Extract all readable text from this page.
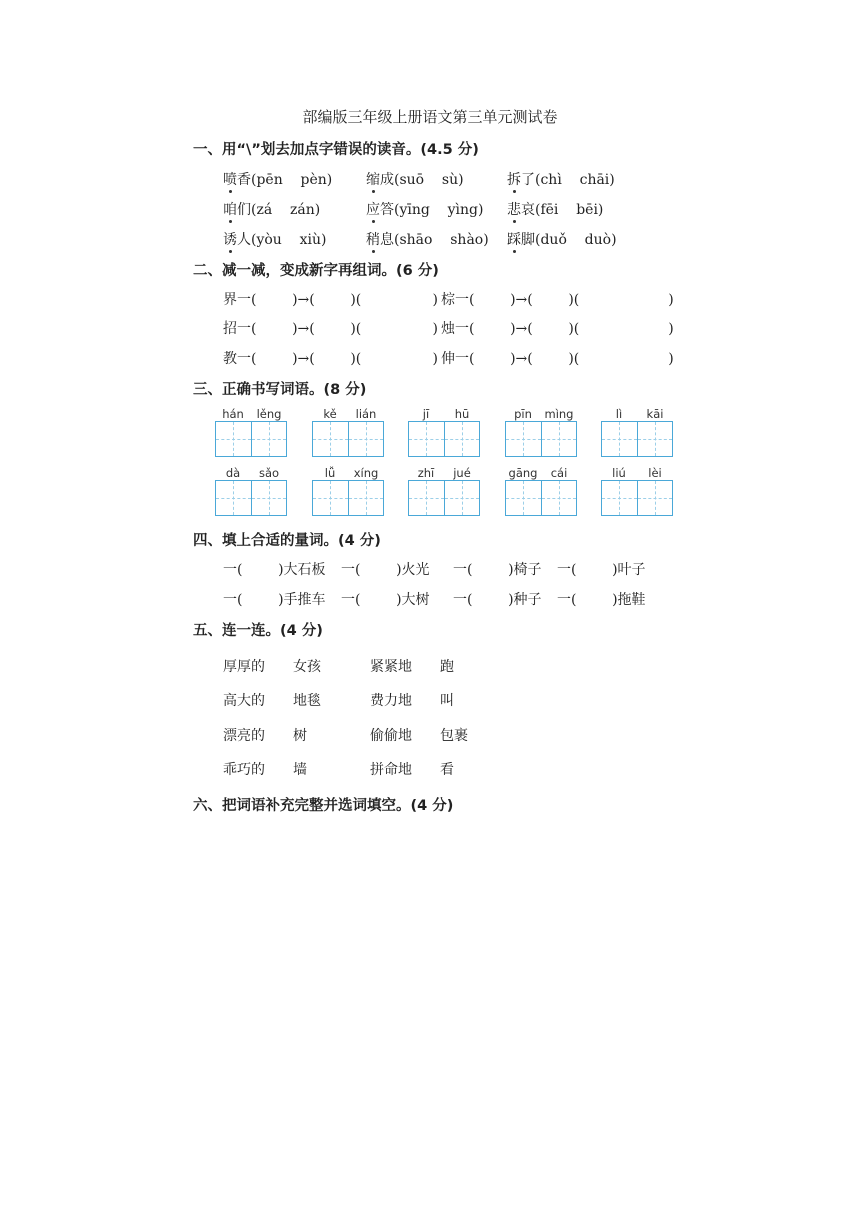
部编版三年级上册语文第三单元测试卷
一、用“\”划去加点字错误的读音。(4.5 分)
喷香(pēn    pèn) 缩成(suō    sù)	拆了(chì    chāi)
咱们(zá    zán)	应答(yīng    yìng) 悲哀(fēi    bēi)
诱人(yòu    xiù)	稍息(shāo    shào) 踩脚(duǒ    duò)
二、减一减，变成新字再组词。(6 分)
界一(        )→(        )(                ) 棕一(        )→(        )(                    )
招一(        )→(        )(                ) 烛一(        )→(        )(                    )
教一(        )→(        )(                ) 伸一(        )→(        )(                    )
三、正确书写词语。(8 分)
hán	lěng	kě	lián	jī	hū	pīn	mìng	lì	kāi
dà	sǎo	lǚ	xíng	zhī	jué	gāng	cái	liú	lèi
四、填上合适的量词。(4 分)
一(        )大石板 一(        )火光 一(        )椅子 一(        )叶子
一(        )手推车 一(        )大树 一(        )种子 一(        )拖鞋
五、连一连。(4 分)
厚厚的 女孩	紧紧地 跑
高大的 地毯	费力地 叫
漂亮的 树	偷偷地 包裹
乖巧的 墙	拼命地 看
六、把词语补充完整并选词填空。(4 分)
